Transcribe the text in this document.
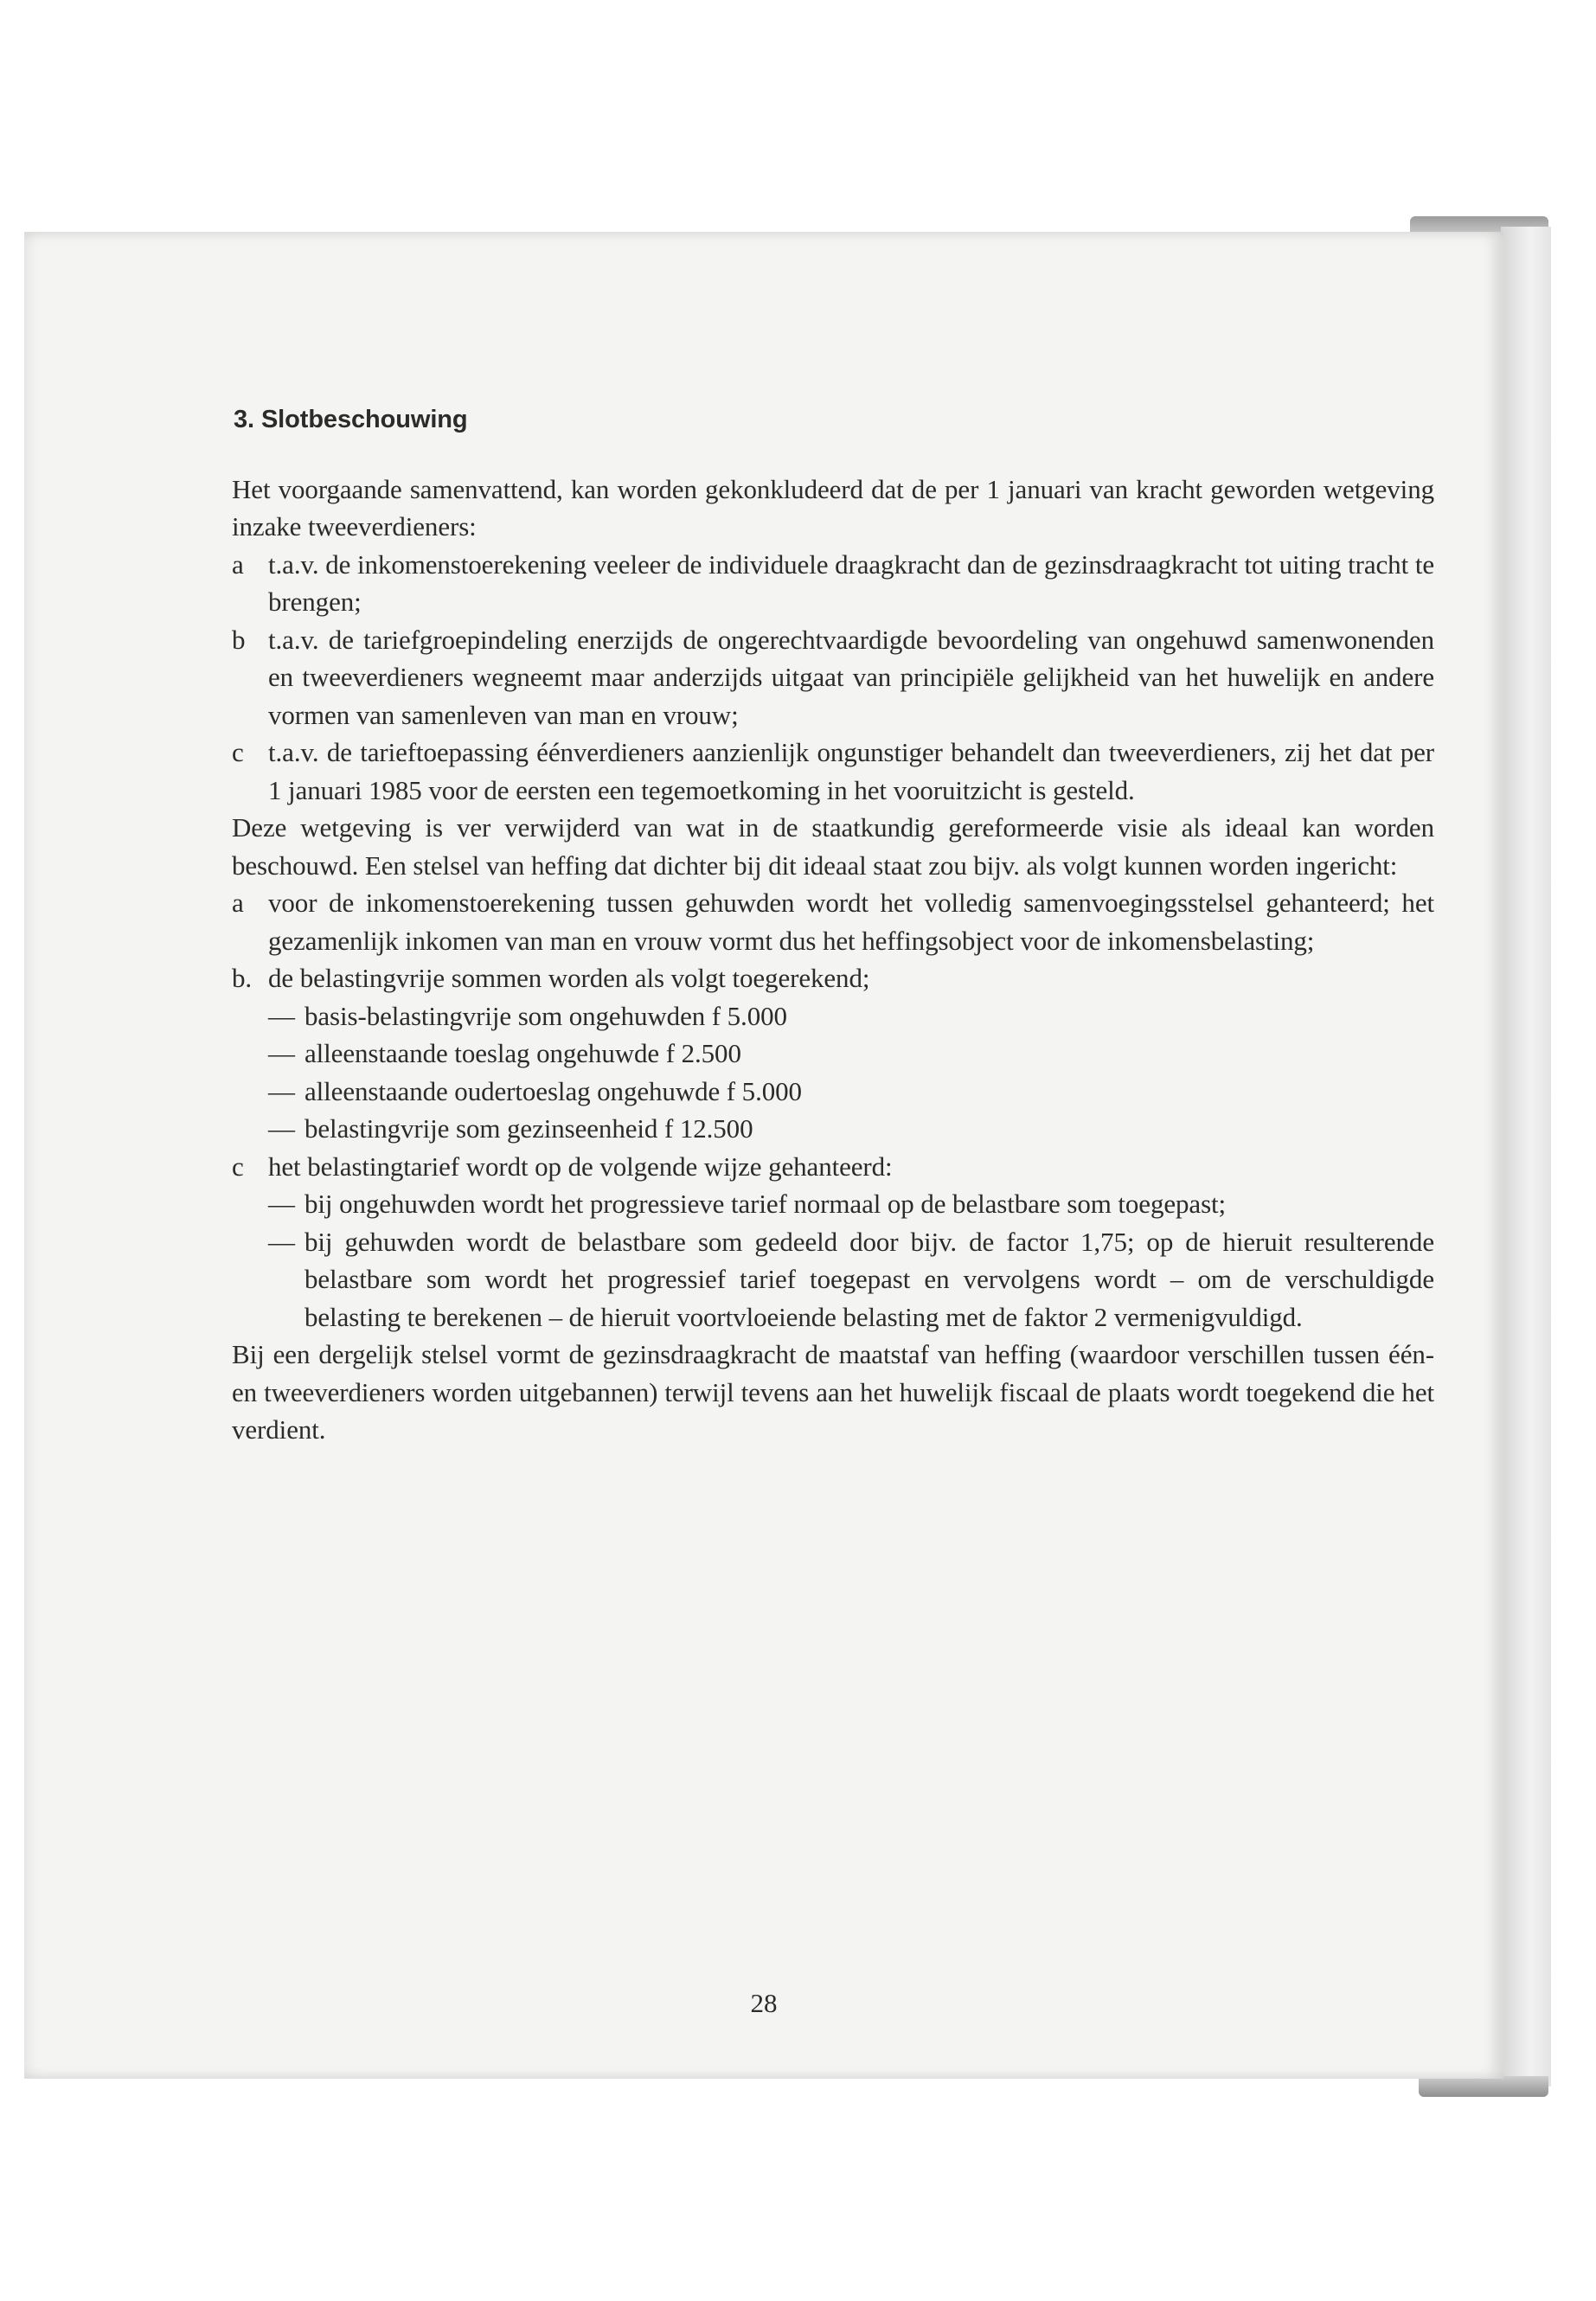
3. Slotbeschouwing

Het voorgaande samenvattend, kan worden gekonkludeerd dat de per 1 januari van kracht geworden wetgeving inzake tweeverdieners:

a t.a.v. de inkomenstoerekening veeleer de individuele draagkracht dan de gezinsdraagkracht tot uiting tracht te brengen;
b t.a.v. de tariefgroepindeling enerzijds de ongerechtvaardigde bevoordeling van ongehuwd samenwonenden en tweeverdieners wegneemt maar anderzijds uitgaat van principiële gelijkheid van het huwelijk en andere vormen van samenleven van man en vrouw;
c t.a.v. de tarieftoepassing éénverdieners aanzienlijk ongunstiger behandelt dan tweeverdieners, zij het dat per 1 januari 1985 voor de eersten een tegemoetkoming in het vooruitzicht is gesteld.

Deze wetgeving is ver verwijderd van wat in de staatkundig gereformeerde visie als ideaal kan worden beschouwd. Een stelsel van heffing dat dichter bij dit ideaal staat zou bijv. als volgt kunnen worden ingericht:

a voor de inkomenstoerekening tussen gehuwden wordt het volledig samenvoegingsstelsel gehanteerd; het gezamenlijk inkomen van man en vrouw vormt dus het heffingsobject voor de inkomensbelasting;
b. de belastingvrije sommen worden als volgt toegerekend;
— basis-belastingvrije som ongehuwden f 5.000
— alleenstaande toeslag ongehuwde f 2.500
— alleenstaande oudertoeslag ongehuwde f 5.000
— belastingvrije som gezinseenheid f 12.500
c het belastingtarief wordt op de volgende wijze gehanteerd:
— bij ongehuwden wordt het progressieve tarief normaal op de belastbare som toegepast;
— bij gehuwden wordt de belastbare som gedeeld door bijv. de factor 1,75; op de hieruit resulterende belastbare som wordt het progressief tarief toegepast en vervolgens wordt – om de verschuldigde belasting te berekenen – de hieruit voortvloeiende belasting met de faktor 2 vermenigvuldigd.

Bij een dergelijk stelsel vormt de gezinsdraagkracht de maatstaf van heffing (waardoor verschillen tussen één- en tweeverdieners worden uitgebannen) terwijl tevens aan het huwelijk fiscaal de plaats wordt toegekend die het verdient.

28
